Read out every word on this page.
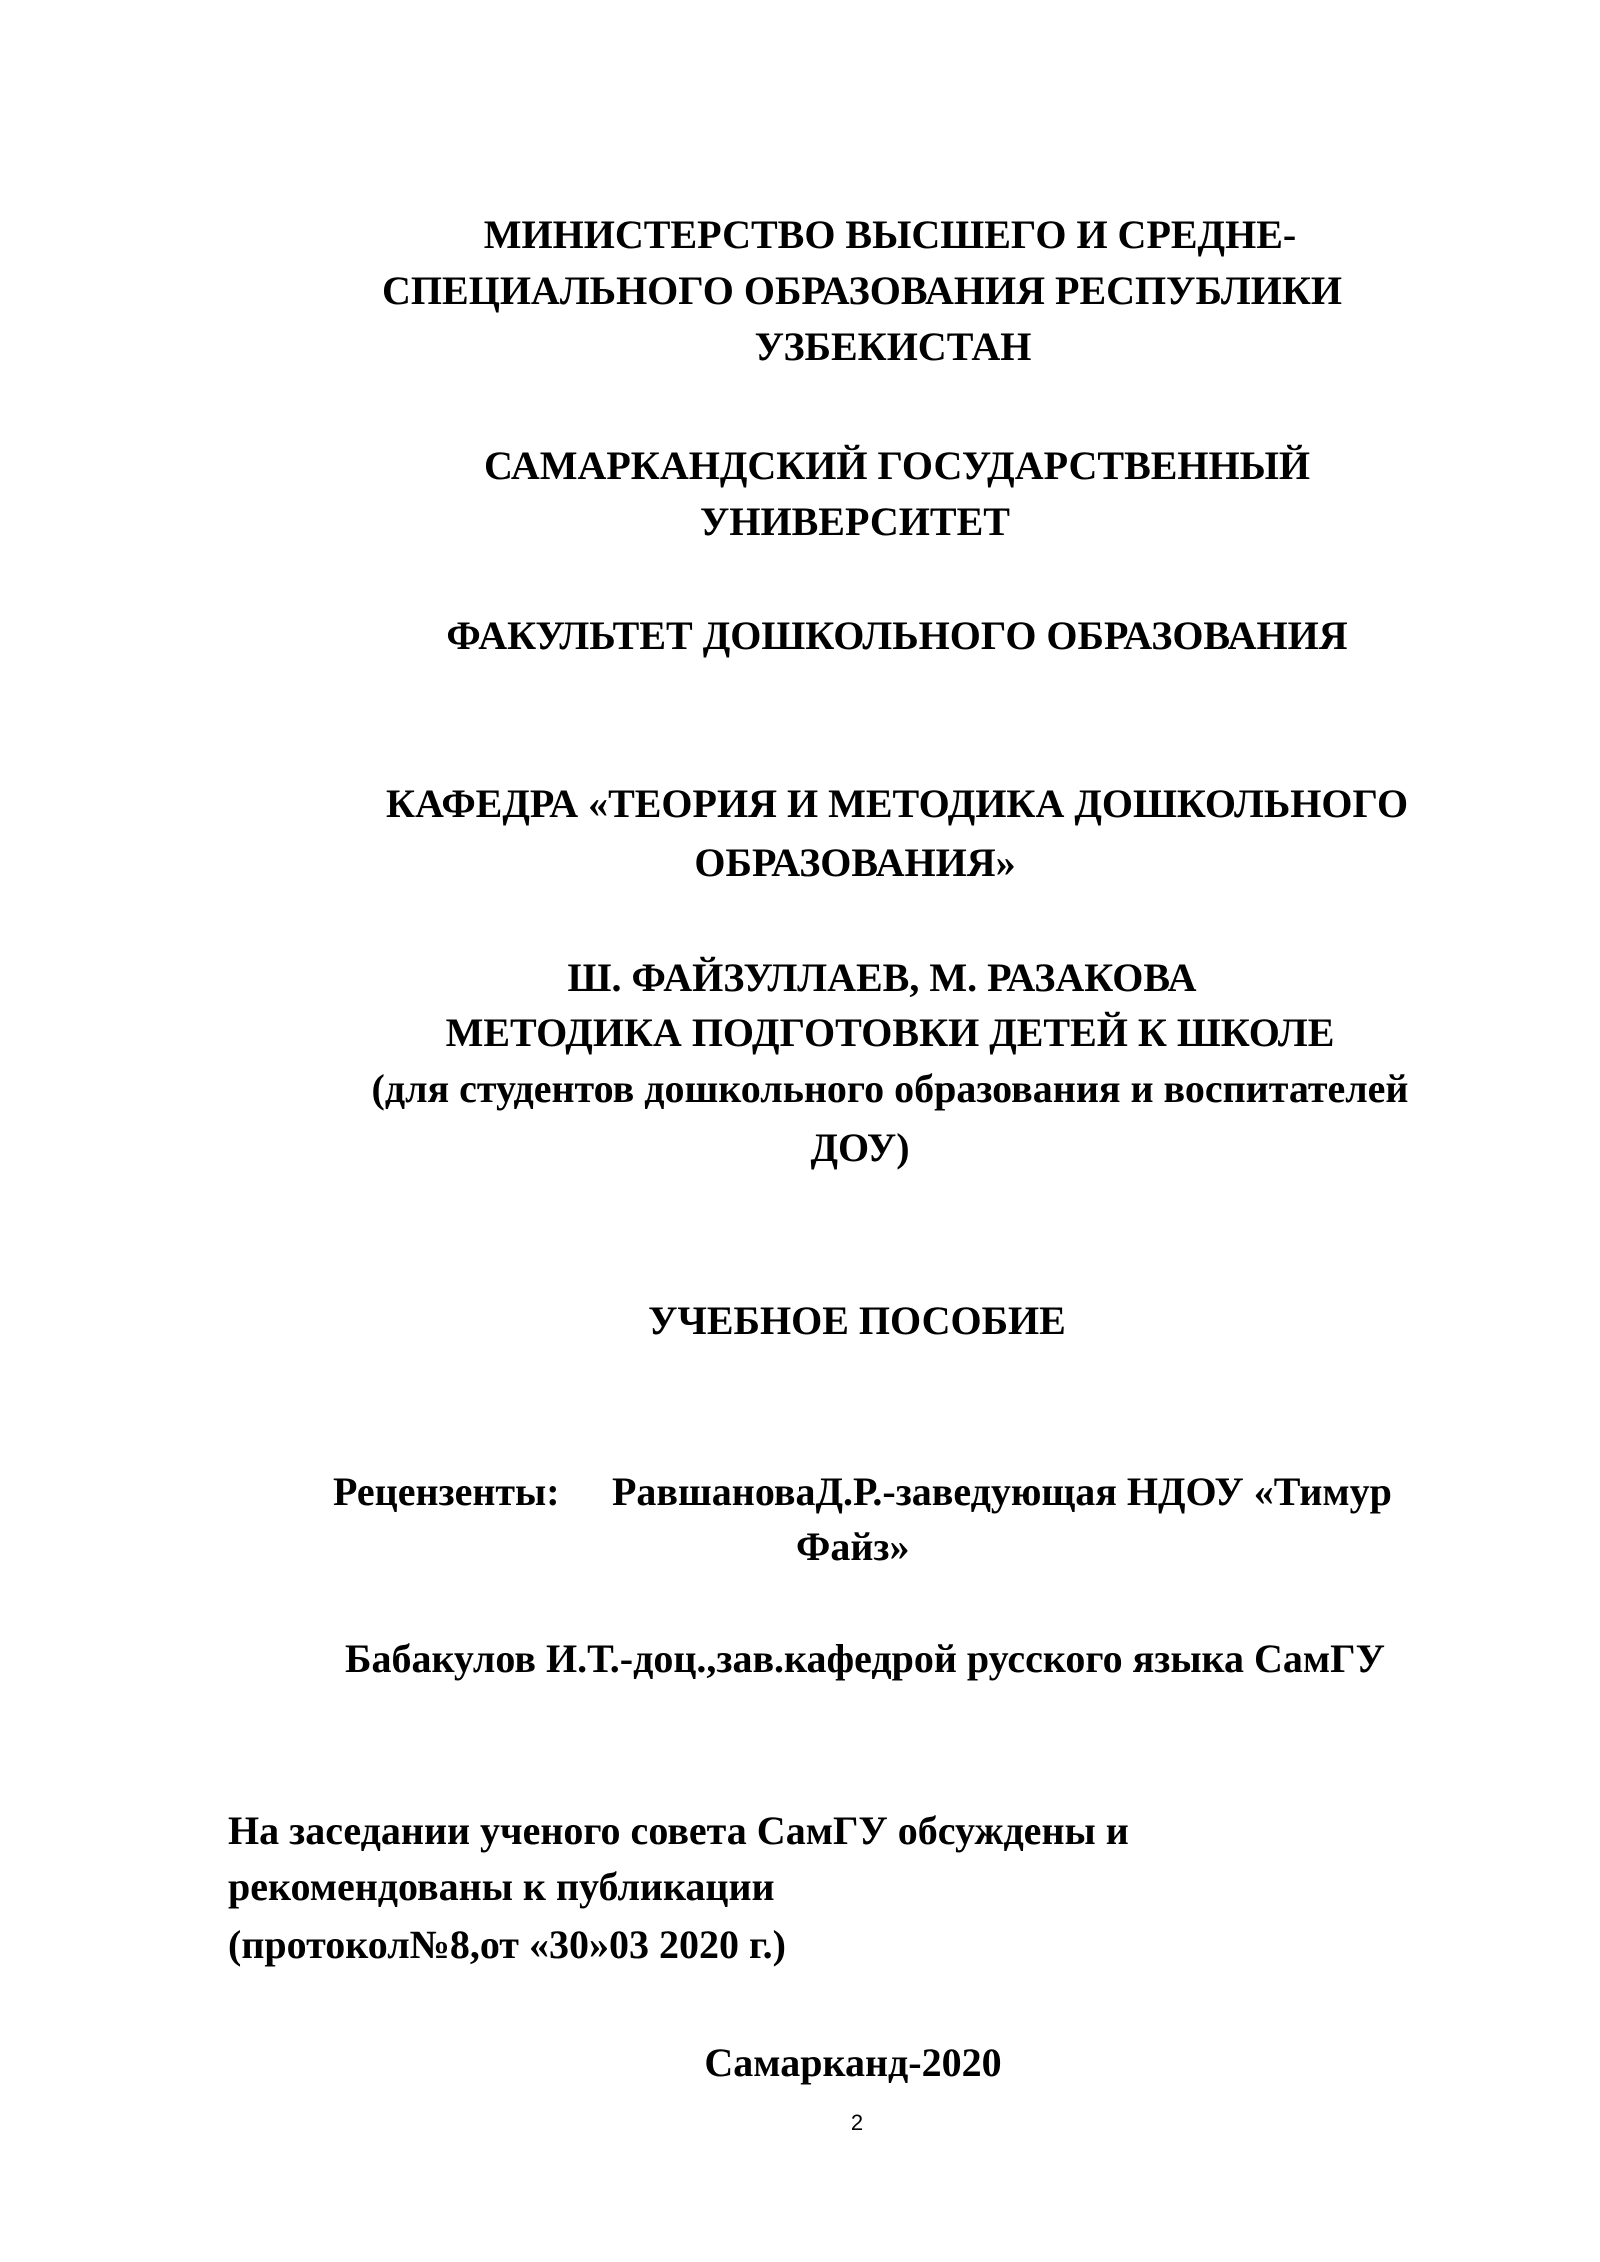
МИНИСТЕРСТВО ВЫСШЕГО И СРЕДНЕ-

СПЕЦИАЛЬНОГО ОБРАЗОВАНИЯ РЕСПУБЛИКИ

УЗБЕКИСТАН

САМАРКАНДСКИЙ ГОСУДАРСТВЕННЫЙ

УНИВЕРСИТЕТ

ФАКУЛЬТЕТ ДОШКОЛЬНОГО ОБРАЗОВАНИЯ

КАФЕДРА «ТЕОРИЯ И МЕТОДИКА ДОШКОЛЬНОГО

ОБРАЗОВАНИЯ»

Ш. ФАЙЗУЛЛАЕВ, М. РАЗАКОВА

МЕТОДИКА ПОДГОТОВКИ ДЕТЕЙ К ШКОЛЕ

(для студентов дошкольного образования и воспитателей

ДОУ)

УЧЕБНОЕ ПОСОБИЕ

Рецензенты: РавшановаД.Р.-заведующая НДОУ «Тимур

Файз»

Бабакулов И.Т.-доц.,зав.кафедрой русского языка СамГУ

На заседании ученого совета СамГУ обсуждены и

рекомендованы к публикации

(протокол№8,от «30»03 2020 г.)

Самарканд-2020

2
